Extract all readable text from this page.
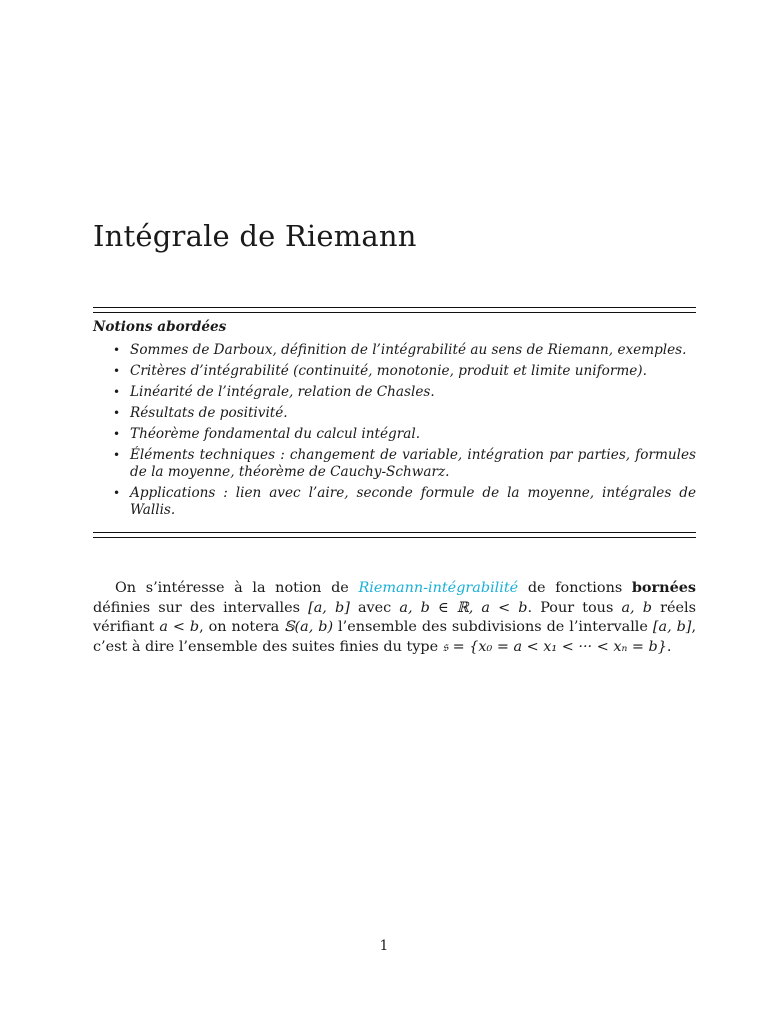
Intégrale de Riemann
Notions abordées
• Sommes de Darboux, définition de l’intégrabilité au sens de Riemann, exemples.
• Critères d’intégrabilité (continuité, monotonie, produit et limite uniforme).
• Linéarité de l’intégrale, relation de Chasles.
• Résultats de positivité.
• Théorème fondamental du calcul intégral.
• Éléments techniques : changement de variable, intégration par parties, formules de la moyenne, théorème de Cauchy-Schwarz.
• Applications : lien avec l’aire, seconde formule de la moyenne, intégrales de Wallis.

On s’intéresse à la notion de Riemann-intégrabilité de fonctions bornées définies sur des intervalles [a, b] avec a, b ∈ ℝ, a < b. Pour tous a, b réels vérifiant a < b, on notera 𝕊(a, b) l’ensemble des subdivisions de l’intervalle [a, b], c’est à dire l’ensemble des suites finies du type 𝔰 = {x₀ = a < x₁ < ··· < xₙ = b}.

1
